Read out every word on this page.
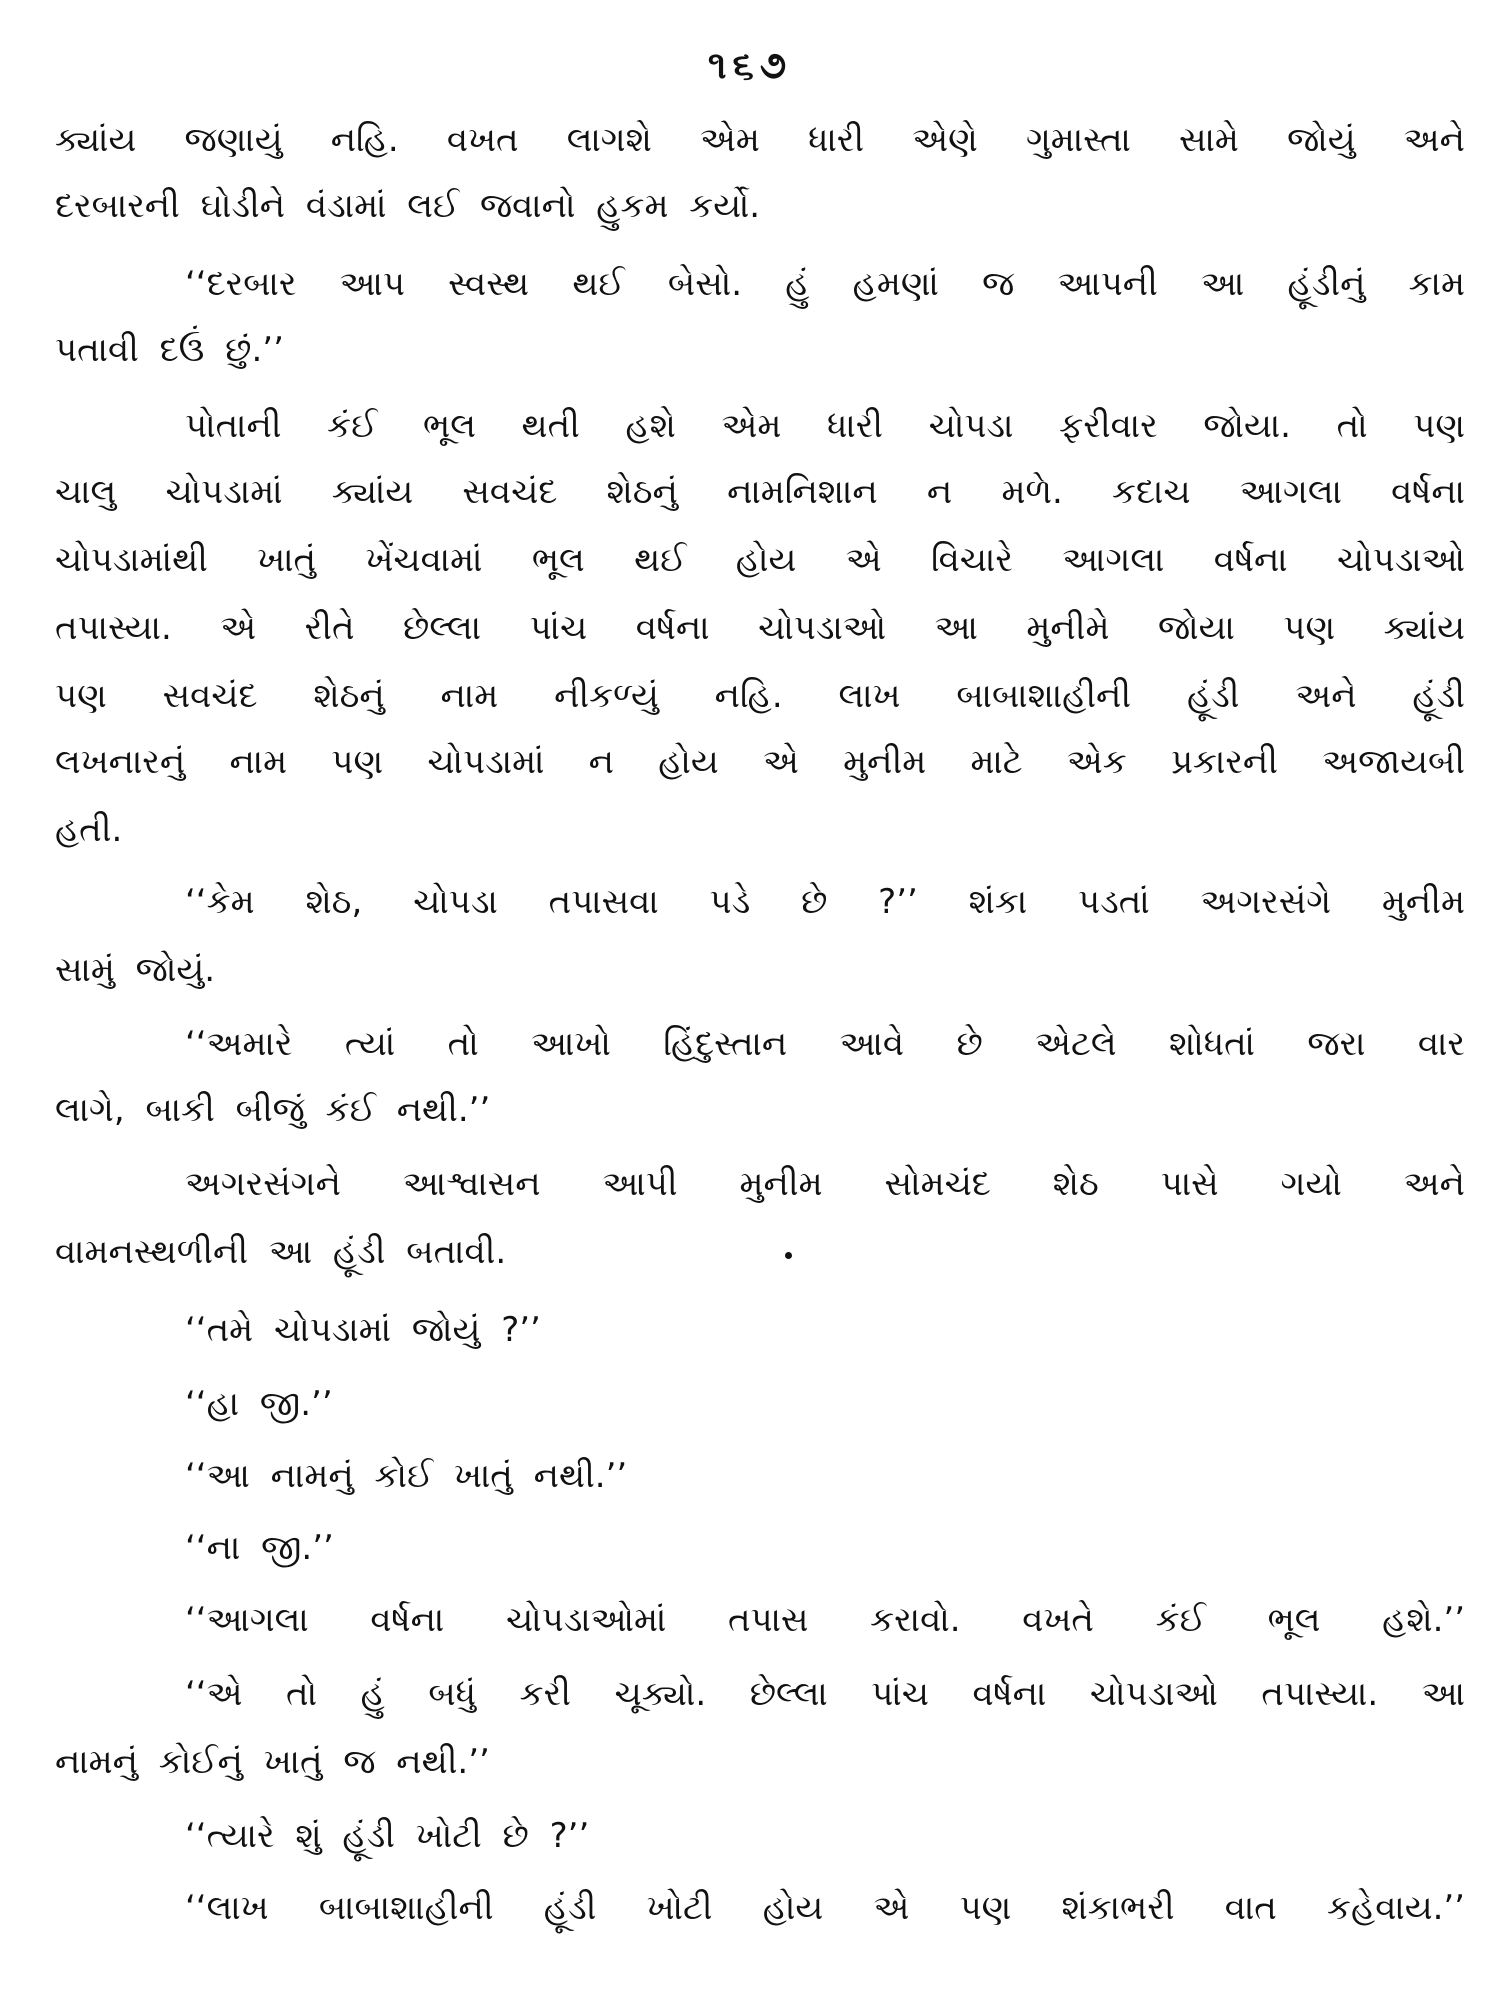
૧૬૭
ક્યાંય જણાયું નહિ. વખત લાગશે એમ ધારી એણે ગુમાસ્તા સામે જોયું અને
દરબારની ઘોડીને વંડામાં લઈ જવાનો હુકમ કર્યો.
‘‘દરબાર આપ સ્વસ્થ થઈ બેસો. હું હમણાં જ આપની આ હૂંડીનું કામ
પતાવી દઉં છું.’’
પોતાની કંઈ ભૂલ થતી હશે એમ ધારી ચોપડા ફરીવાર જોયા. તો પણ
ચાલુ ચોપડામાં ક્યાંય સવચંદ શેઠનું નામનિશાન ન મળે. કદાચ આગલા વર્ષના
ચોપડામાંથી ખાતું ખેંચવામાં ભૂલ થઈ હોય એ વિચારે આગલા વર્ષના ચોપડાઓ
તપાસ્યા. એ રીતે છેલ્લા પાંચ વર્ષના ચોપડાઓ આ મુનીમે જોયા પણ ક્યાંય
પણ સવચંદ શેઠનું નામ નીકળ્યું નહિ. લાખ બાબાશાહીની હૂંડી અને હૂંડી
લખનારનું નામ પણ ચોપડામાં ન હોય એ મુનીમ માટે એક પ્રકારની અજાયબી
હતી.
‘‘કેમ શેઠ, ચોપડા તપાસવા પડે છે ?’’ શંકા પડતાં અગરસંગે મુનીમ
સામું જોયું.
‘‘અમારે ત્યાં તો આખો હિંદુસ્તાન આવે છે એટલે શોધતાં જરા વાર
લાગે, બાકી બીજું કંઈ નથી.’’
અગરસંગને આશ્વાસન આપી મુનીમ સોમચંદ શેઠ પાસે ગયો અને
વામનસ્થળીની આ હૂંડી બતાવી.
‘‘તમે ચોપડામાં જોયું ?’’
‘‘હા જી.’’
‘‘આ નામનું કોઈ ખાતું નથી.’’
‘‘ના જી.’’
‘‘આગલા વર્ષના ચોપડાઓમાં તપાસ કરાવો. વખતે કંઈ ભૂલ હશે.’’
‘‘એ તો હું બધું કરી ચૂક્યો. છેલ્લા પાંચ વર્ષના ચોપડાઓ તપાસ્યા. આ
નામનું કોઈનું ખાતું જ નથી.’’
‘‘ત્યારે શું હૂંડી ખોટી છે ?’’
‘‘લાખ બાબાશાહીની હૂંડી ખોટી હોય એ પણ શંકાભરી વાત કહેવાય.’’
